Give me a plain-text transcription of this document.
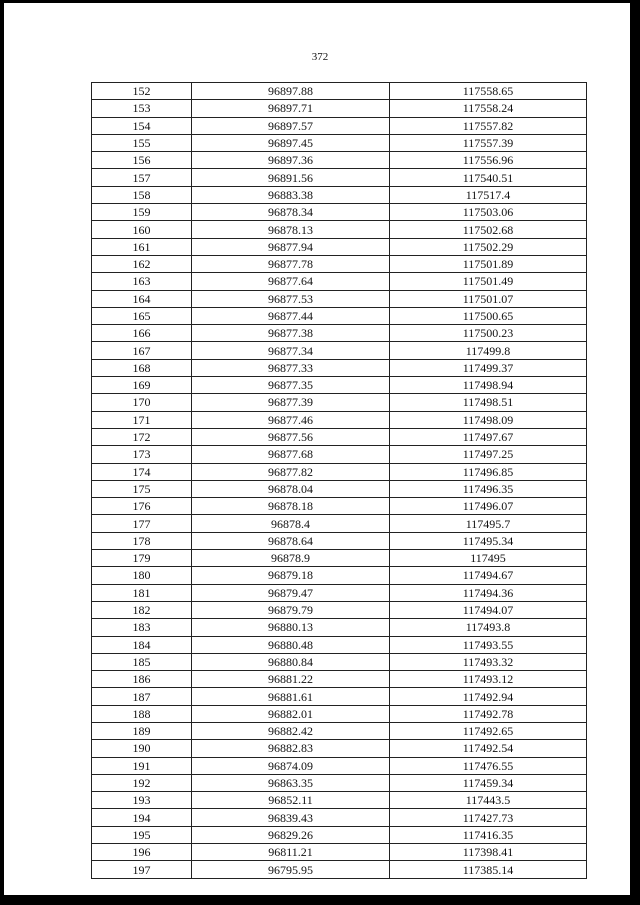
372
152	96897.88	117558.65
153	96897.71	117558.24
154	96897.57	117557.82
155	96897.45	117557.39
156	96897.36	117556.96
157	96891.56	117540.51
158	96883.38	117517.4
159	96878.34	117503.06
160	96878.13	117502.68
161	96877.94	117502.29
162	96877.78	117501.89
163	96877.64	117501.49
164	96877.53	117501.07
165	96877.44	117500.65
166	96877.38	117500.23
167	96877.34	117499.8
168	96877.33	117499.37
169	96877.35	117498.94
170	96877.39	117498.51
171	96877.46	117498.09
172	96877.56	117497.67
173	96877.68	117497.25
174	96877.82	117496.85
175	96878.04	117496.35
176	96878.18	117496.07
177	96878.4	117495.7
178	96878.64	117495.34
179	96878.9	117495
180	96879.18	117494.67
181	96879.47	117494.36
182	96879.79	117494.07
183	96880.13	117493.8
184	96880.48	117493.55
185	96880.84	117493.32
186	96881.22	117493.12
187	96881.61	117492.94
188	96882.01	117492.78
189	96882.42	117492.65
190	96882.83	117492.54
191	96874.09	117476.55
192	96863.35	117459.34
193	96852.11	117443.5
194	96839.43	117427.73
195	96829.26	117416.35
196	96811.21	117398.41
197	96795.95	117385.14
